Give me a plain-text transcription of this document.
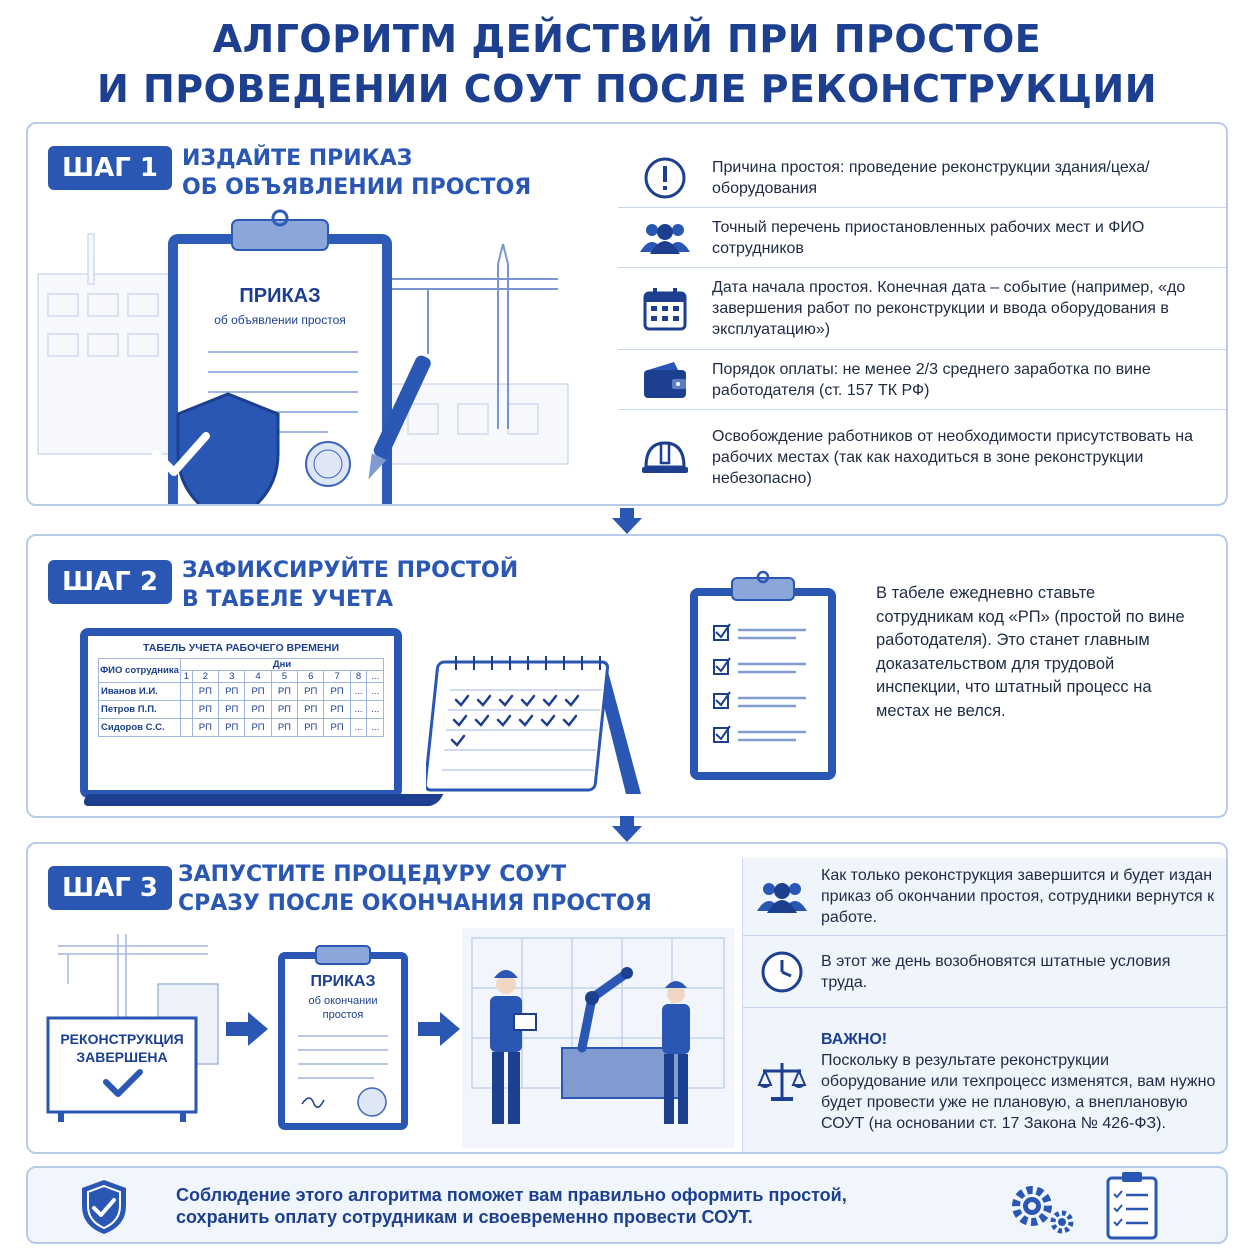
АЛГОРИТМ ДЕЙСТВИЙ ПРИ ПРОСТОЕ
И ПРОВЕДЕНИИ СОУТ ПОСЛЕ РЕКОНСТРУКЦИИ
ШАГ 1	ИЗДАЙТЕ ПРИКАЗ
ОБ ОБЪЯВЛЕНИИ ПРОСТОЯ
ПРИКАЗ
об объявлении простоя
Причина простоя: проведение реконструкции здания/цеха/оборудования
Точный перечень приостановленных рабочих мест и ФИО сотрудников
Дата начала простоя. Конечная дата – событие (например, «до завершения работ по реконструкции и ввода оборудования в эксплуатацию»)
Порядок оплаты: не менее 2/3 среднего заработка по вине работодателя (ст. 157 ТК РФ)
Освобождение работников от необходимости присутствовать на рабочих местах (так как находиться в зоне реконструкции небезопасно)
ШАГ 2	ЗАФИКСИРУЙТЕ ПРОСТОЙ
В ТАБЕЛЕ УЧЕТА
ТАБЕЛЬ УЧЕТА РАБОЧЕГО ВРЕМЕНИ
ФИО сотрудника	Дни								
	1	2	3	4	5	6	7	8	...
Иванов И.И.		РП	РП	РП	РП	РП	РП	...	...
Петров П.П.		РП	РП	РП	РП	РП	РП	...	...
Сидоров С.С.		РП	РП	РП	РП	РП	РП	...	...
В табеле ежедневно ставьте сотрудникам код «РП» (простой по вине работодателя). Это станет главным доказательством для трудовой инспекции, что штатный процесс на местах не велся.
ШАГ 3 ЗАПУСТИТЕ ПРОЦЕДУРУ СОУТ
СРАЗУ ПОСЛЕ ОКОНЧАНИЯ ПРОСТОЯ
РЕКОНСТРУКЦИЯ
ЗАВЕРШЕНА
ПРИКАЗ
об окончании
простоя
Как только реконструкция завершится и будет издан приказ об окончании простоя, сотрудники вернутся к работе.
В этот же день возобновятся штатные условия труда.
ВАЖНО!
Поскольку в результате реконструкции оборудование или техпроцесс изменятся, вам нужно будет провести уже не плановую, а внеплановую СОУТ (на основании ст. 17 Закона № 426-ФЗ).
Соблюдение этого алгоритма поможет вам правильно оформить простой,
сохранить оплату сотрудникам и своевременно провести СОУТ.
